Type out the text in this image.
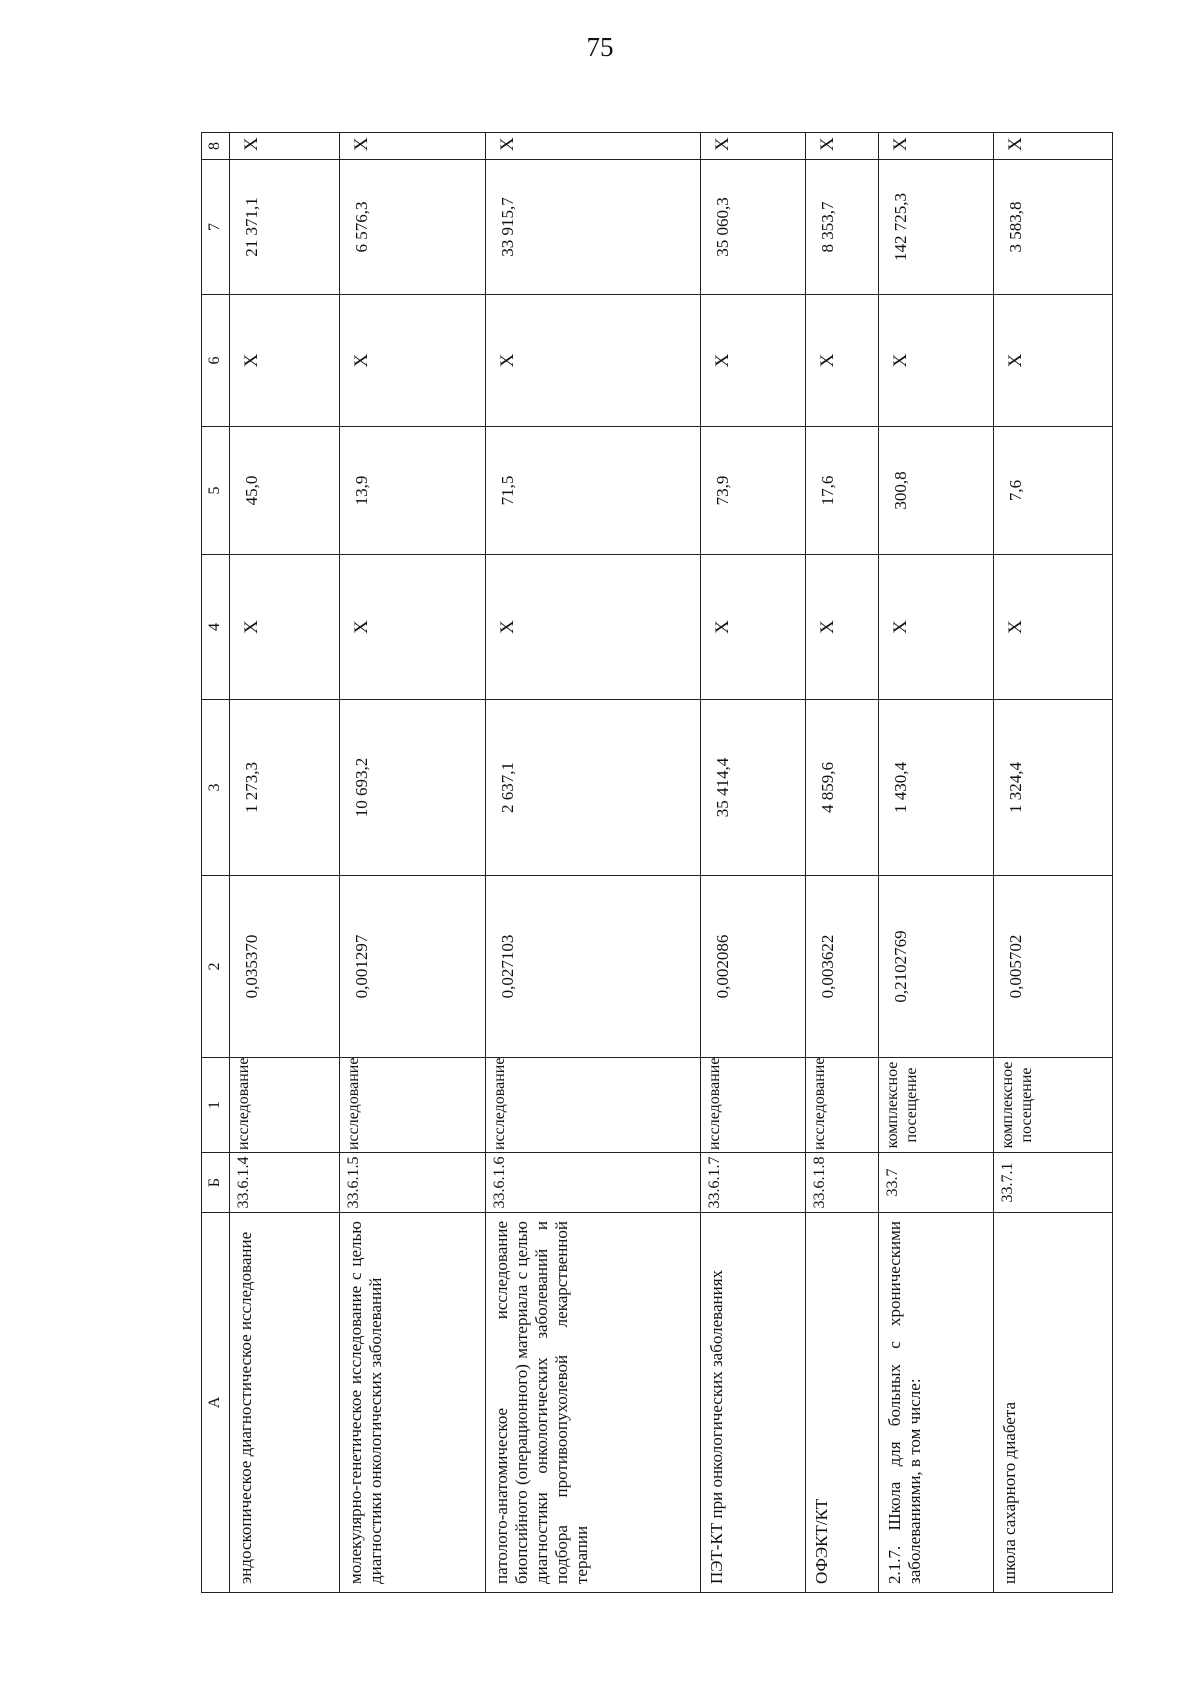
75
А	Б	1	2	3	4	5	6	7	8

эндоскопическое диагностическое исследование	33.6.1.4	исследование	0,035370	1 273,3	Х	45,0	Х	21 371,1	Х

молекулярно-генетическое исследование с целью диагностики онкологических заболеваний	33.6.1.5	исследование	0,001297	10 693,2	Х	13,9	Х	6 576,3	Х

патолого-анатомическое исследование биопсийного (операционного) материала с целью диагностики онкологических заболеваний и подбора противоопухолевой лекарственной терапии	33.6.1.6	исследование	0,027103	2 637,1	Х	71,5	Х	33 915,7	Х

ПЭТ-КТ при онкологических заболеваниях	33.6.1.7	исследование	0,002086	35 414,4	Х	73,9	Х	35 060,3	Х

ОФЭКТ/КТ	33.6.1.8	исследование	0,003622	4 859,6	Х	17,6	Х	8 353,7	Х

2.1.7. Школа для больных с хроническими заболеваниями, в том числе:	33.7	комплексное посещение	0,2102769	1 430,4	Х	300,8	Х	142 725,3	Х

школа сахарного диабета	33.7.1	комплексное посещение	0,005702	1 324,4	Х	7,6	Х	3 583,8	Х
